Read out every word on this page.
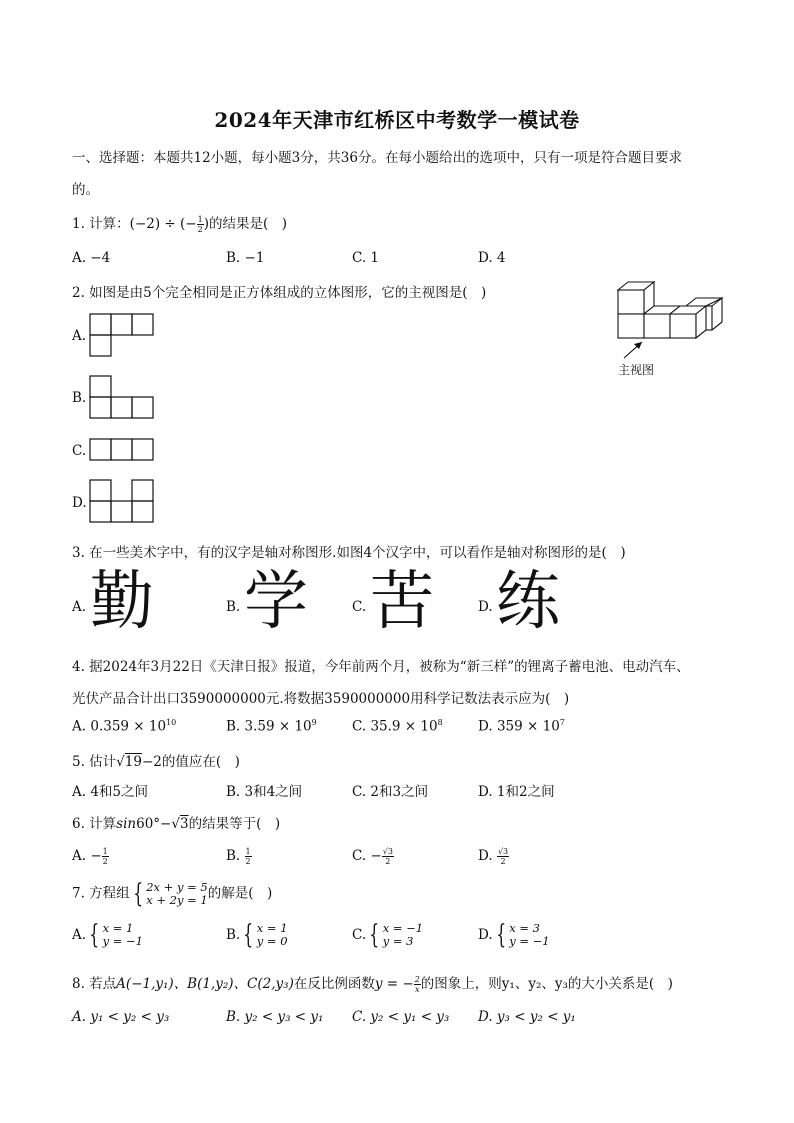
2024年天津市红桥区中考数学一模试卷
一、选择题：本题共12小题，每小题3分，共36分。在每小题给出的选项中，只有一项是符合题目要求
的。
1. 计算：(−2) ÷ (− $\frac{1}{2}$ )的结果是(　)
A. −4	B. −1	C. 1	D. 4
2. 如图是由5个完全相同是正方体组成的立体图形，它的主视图是(　)
主视图
A.
B.
C.
D.
3. 在一些美术字中，有的汉字是轴对称图形.如图4个汉字中，可以看作是轴对称图形的是(　)
A. 勤	B. 学	C. 苦	D. 练
4. 据2024年3月22日《天津日报》报道，今年前两个月，被称为“新三样”的锂离子蓄电池、电动汽车、
光伏产品合计出口3590000000元.将数据3590000000用科学记数法表示应为(　)
A. $0.359 \times 10^{10}$	B. $3.59 \times 10^9$	C. $35.9 \times 10^8$	D. $359 \times 10^7$
5. 估计√19−2的值应在(　)
A. 4和5之间	B. 3和4之间	C. 2和3之间	D. 1和2之间
6. 计算sin60°−√3的结果等于(　)
A. − $\frac{1}{2}$	B. $\frac{1}{2}$	C. − $\frac{√3}{2}$	D. $\frac{√3}{2}$
7. 方程组 { 2x + y = 5
x + 2y = 1 的解是(　)
A. { x = 1
y = −1	B. { x = 1
y = 0	C. { x = −1
y = 3	D. { x = 3
y = −1
8. 若点A(−1,y₁)、B(1,y₂)、C(2,y₃)在反比例函数y = − $\frac{2}{x}$ 的图象上，则y₁、y₂、y₃的大小关系是(　)
A. y₁ < y₂ < y₃	B. y₂ < y₃ < y₁ C. y₂ < y₁ < y₃ D. y₃ < y₂ < y₁
